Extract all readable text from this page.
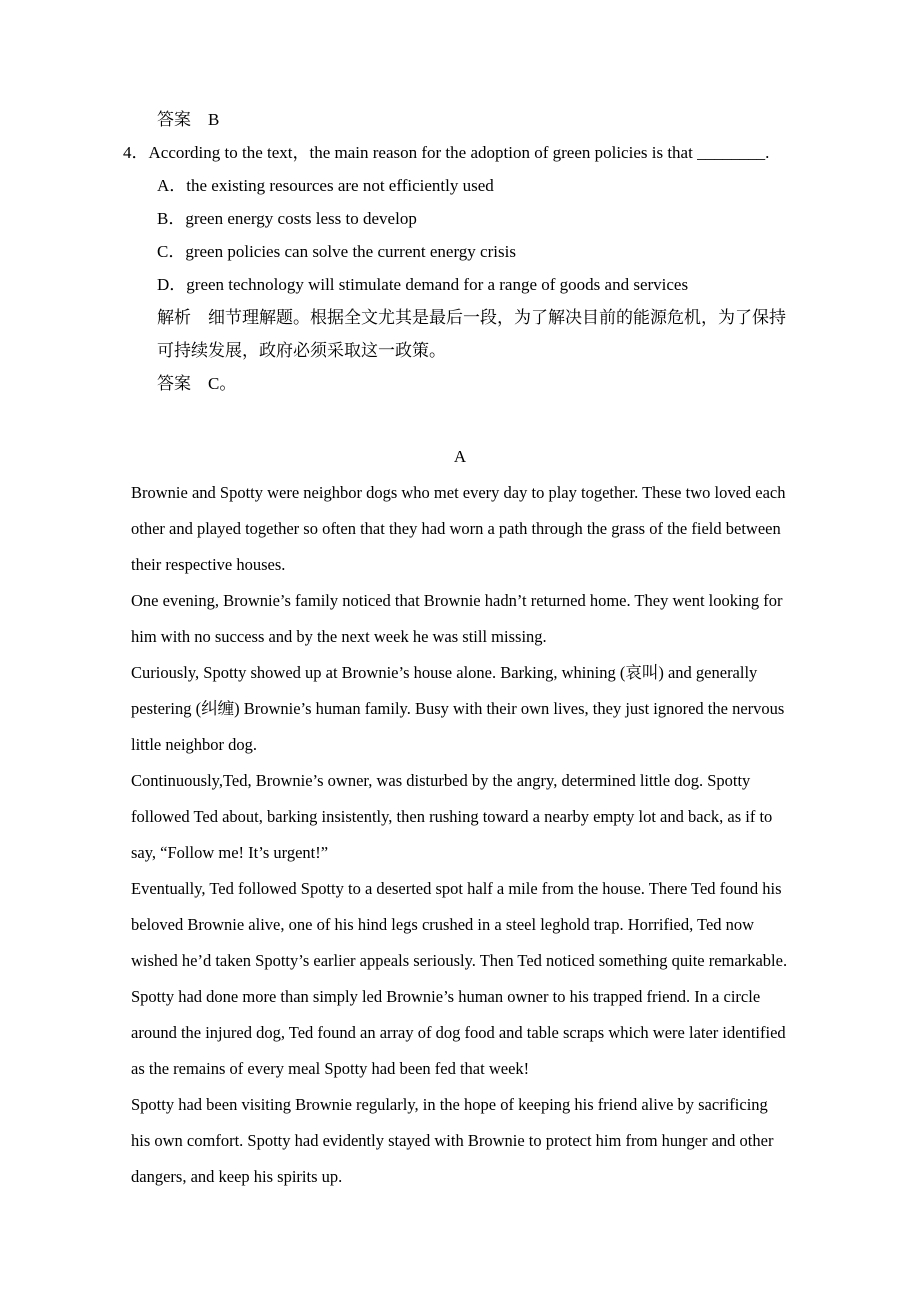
答案 B
4．According to the text，the main reason for the adoption of green policies is that ________.
A．the existing resources are not efficiently used
B．green energy costs less to develop
C．green policies can solve the current energy crisis
D．green technology will stimulate demand for a range of goods and services
解析 细节理解题。根据全文尤其是最后一段，为了解决目前的能源危机，为了保持可持续发展，政府必须采取这一政策。
答案 C。
A

Brownie and Spotty were neighbor dogs who met every day to play together. These two loved each other and played together so often that they had worn a path through the grass of the field between their respective houses.

One evening, Brownie’s family noticed that Brownie hadn’t returned home. They went looking for him with no success and by the next week he was still missing.

Curiously, Spotty showed up at Brownie’s house alone. Barking, whining (哀叫) and generally pestering (纠缠) Brownie’s human family. Busy with their own lives, they just ignored the nervous little neighbor dog.

Continuously,Ted, Brownie’s owner, was disturbed by the angry, determined little dog. Spotty followed Ted about, barking insistently, then rushing toward a nearby empty lot and back, as if to say, “Follow me! It’s urgent!”

Eventually, Ted followed Spotty to a deserted spot half a mile from the house. There Ted found his beloved Brownie alive, one of his hind legs crushed in a steel leghold trap. Horrified, Ted now wished he’d taken Spotty’s earlier appeals seriously. Then Ted noticed something quite remarkable.

Spotty had done more than simply led Brownie’s human owner to his trapped friend. In a circle around the injured dog, Ted found an array of dog food and table scraps which were later identified as the remains of every meal Spotty had been fed that week!

Spotty had been visiting Brownie regularly, in the hope of keeping his friend alive by sacrificing his own comfort. Spotty had evidently stayed with Brownie to protect him from hunger and other dangers, and keep his spirits up.
